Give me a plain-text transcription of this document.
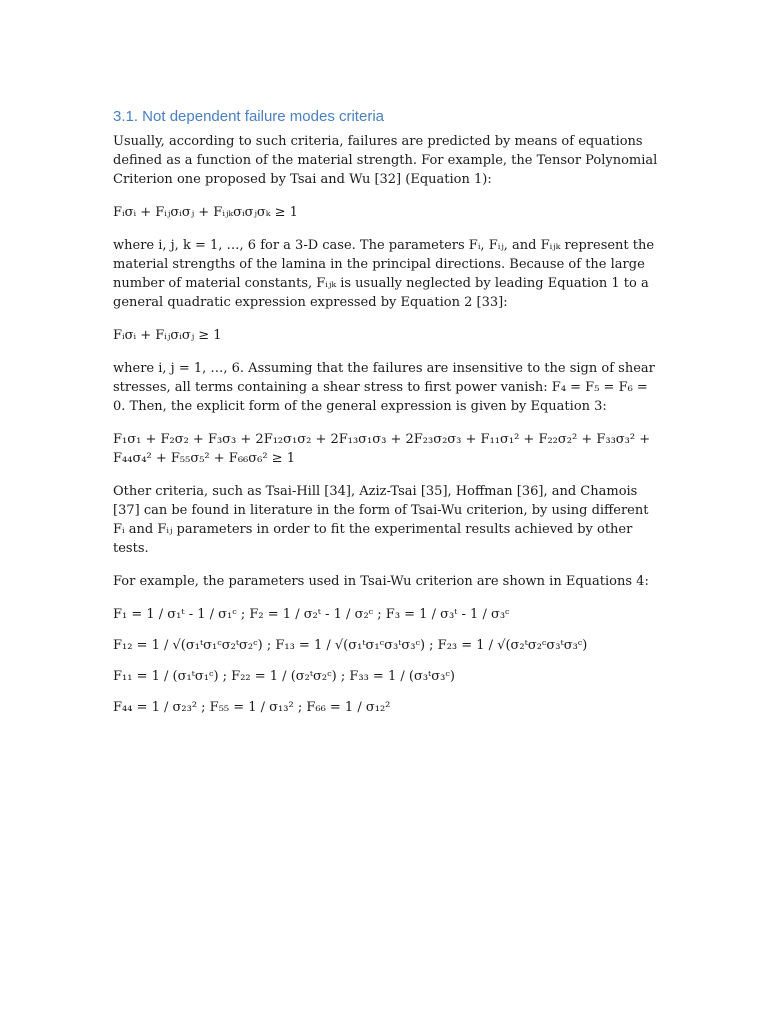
3.1. Not dependent failure modes criteria

Usually, according to such criteria, failures are predicted by means of equations defined as a function of the material strength. For example, the Tensor Polynomial Criterion one proposed by Tsai and Wu [32] (Equation 1):

Fᵢσᵢ + Fᵢⱼσᵢσⱼ + Fᵢⱼₖσᵢσⱼσₖ ≥ 1

where i, j, k = 1, …, 6 for a 3-D case. The parameters Fᵢ, Fᵢⱼ, and Fᵢⱼₖ represent the material strengths of the lamina in the principal directions. Because of the large number of material constants, Fᵢⱼₖ is usually neglected by leading Equation 1 to a general quadratic expression expressed by Equation 2 [33]:

Fᵢσᵢ + Fᵢⱼσᵢσⱼ ≥ 1

where i, j = 1, …, 6. Assuming that the failures are insensitive to the sign of shear stresses, all terms containing a shear stress to first power vanish: F₄ = F₅ = F₆ = 0. Then, the explicit form of the general expression is given by Equation 3:

F₁σ₁ + F₂σ₂ + F₃σ₃ + 2F₁₂σ₁σ₂ + 2F₁₃σ₁σ₃ + 2F₂₃σ₂σ₃ + F₁₁σ₁² + F₂₂σ₂² + F₃₃σ₃² + F₄₄σ₄² + F₅₅σ₅² + F₆₆σ₆² ≥ 1

Other criteria, such as Tsai-Hill [34], Aziz-Tsai [35], Hoffman [36], and Chamois [37] can be found in literature in the form of Tsai-Wu criterion, by using different Fᵢ and Fᵢⱼ parameters in order to fit the experimental results achieved by other tests.

For example, the parameters used in Tsai-Wu criterion are shown in Equations 4:

F₁ = 1 / σ₁ᵗ - 1 / σ₁ᶜ ; F₂ = 1 / σ₂ᵗ - 1 / σ₂ᶜ ; F₃ = 1 / σ₃ᵗ - 1 / σ₃ᶜ

F₁₂ = 1 / √(σ₁ᵗσ₁ᶜσ₂ᵗσ₂ᶜ) ; F₁₃ = 1 / √(σ₁ᵗσ₁ᶜσ₃ᵗσ₃ᶜ) ; F₂₃ = 1 / √(σ₂ᵗσ₂ᶜσ₃ᵗσ₃ᶜ)

F₁₁ = 1 / (σ₁ᵗσ₁ᶜ) ; F₂₂ = 1 / (σ₂ᵗσ₂ᶜ) ; F₃₃ = 1 / (σ₃ᵗσ₃ᶜ)

F₄₄ = 1 / σ₂₃² ; F₅₅ = 1 / σ₁₃² ; F₆₆ = 1 / σ₁₂²
